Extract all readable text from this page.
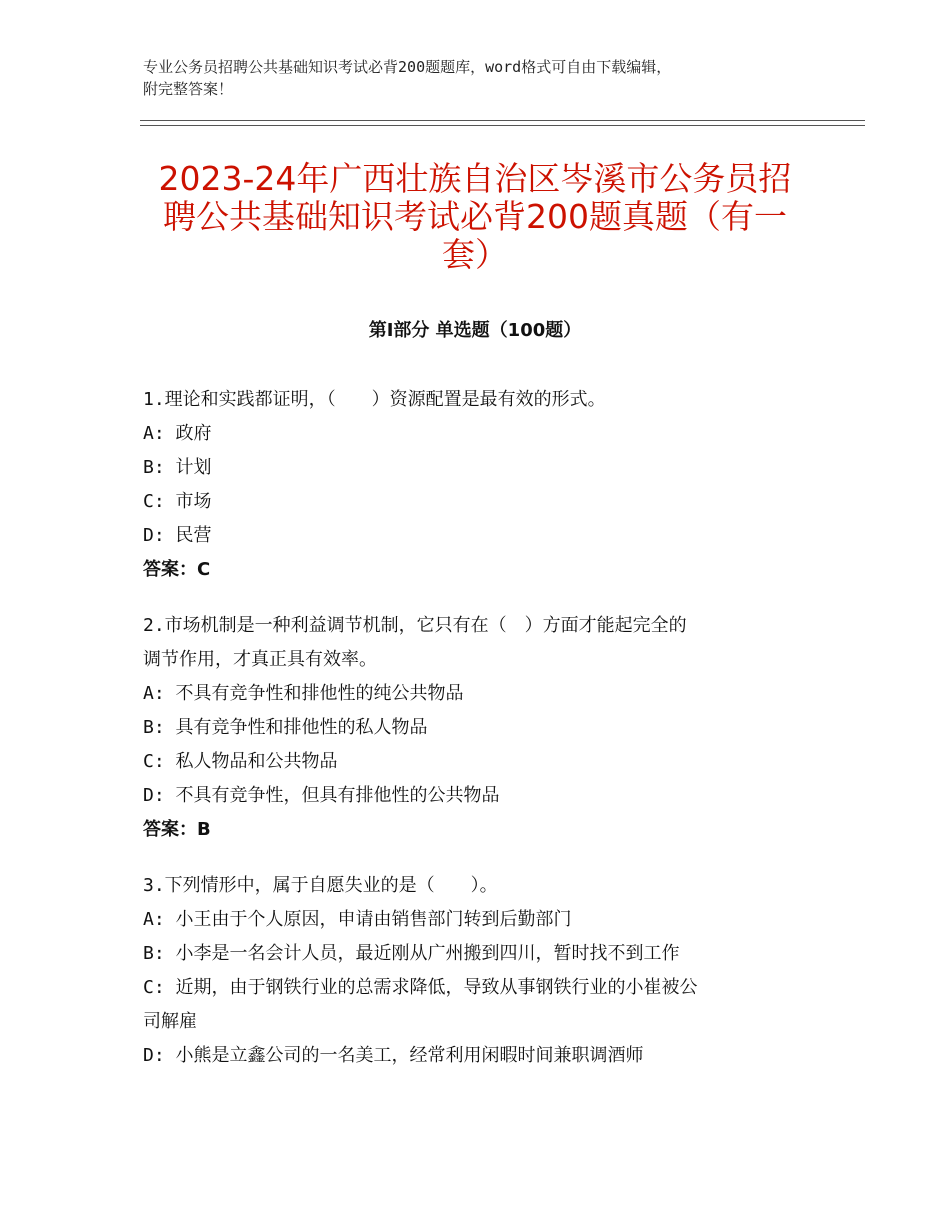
专业公务员招聘公共基础知识考试必背200题题库，word格式可自由下载编辑，
附完整答案！
2023-24年广西壮族自治区岑溪市公务员招
聘公共基础知识考试必背200题真题（有一
套）
第Ⅰ部分 单选题（100题）
1.理论和实践都证明，（　　）资源配置是最有效的形式。
A: 政府
B: 计划
C: 市场
D: 民营
答案：C
2.市场机制是一种利益调节机制，它只有在（　）方面才能起完全的
调节作用，才真正具有效率。
A: 不具有竞争性和排他性的纯公共物品
B: 具有竞争性和排他性的私人物品
C: 私人物品和公共物品
D: 不具有竞争性，但具有排他性的公共物品
答案：B
3.下列情形中，属于自愿失业的是（　　）。
A: 小王由于个人原因，申请由销售部门转到后勤部门
B: 小李是一名会计人员，最近刚从广州搬到四川，暂时找不到工作
C: 近期，由于钢铁行业的总需求降低，导致从事钢铁行业的小崔被公
司解雇
D: 小熊是立鑫公司的一名美工，经常利用闲暇时间兼职调酒师
